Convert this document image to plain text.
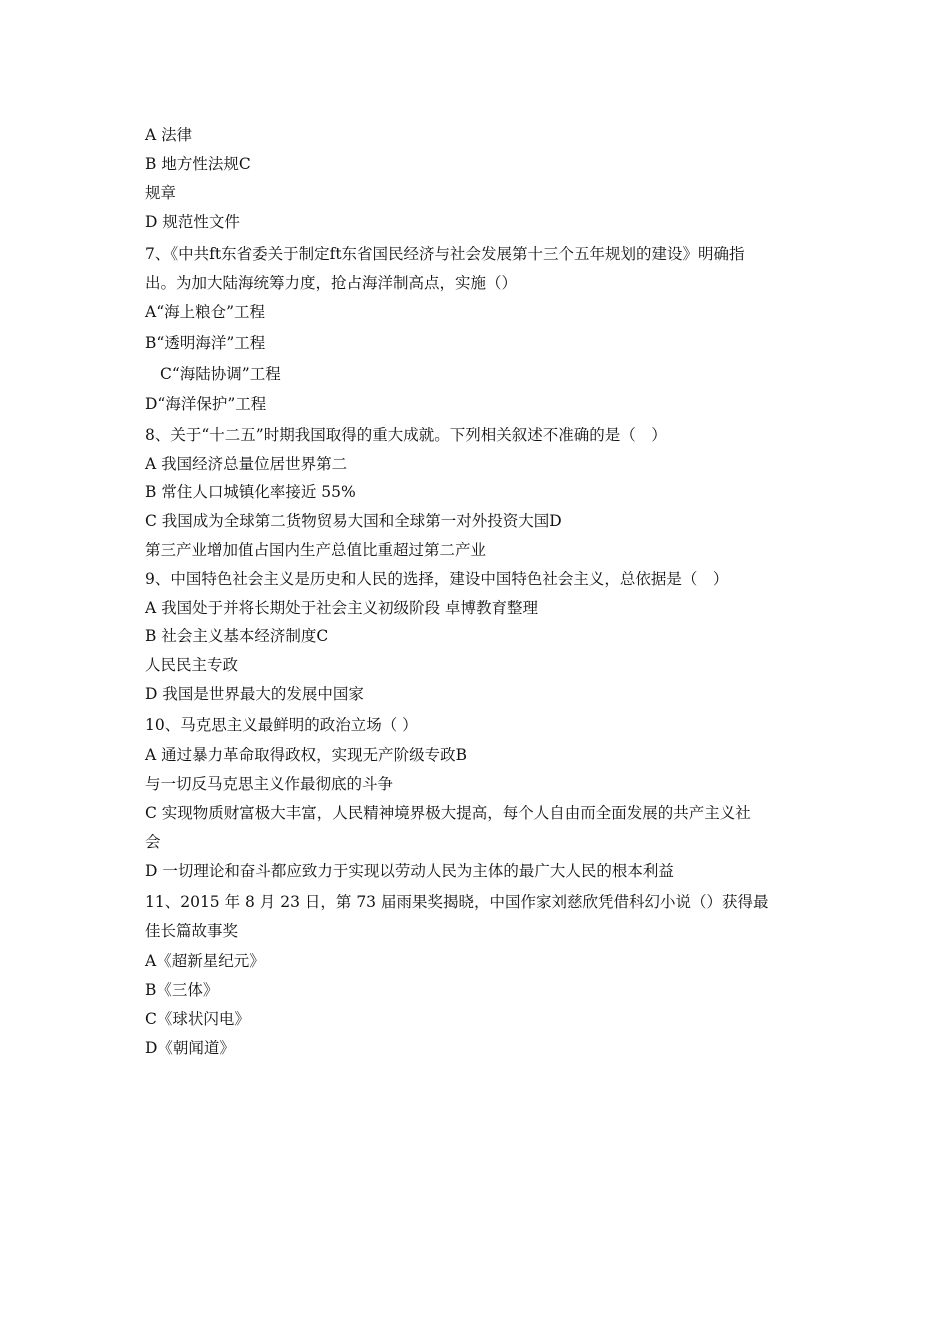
A 法律
B 地方性法规C
规章
D 规范性文件
7、《中共ft东省委关于制定ft东省国民经济与社会发展第十三个五年规划的建设》明确指
出。为加大陆海统筹力度，抢占海洋制高点，实施（）
A“海上粮仓”工程
B“透明海洋”工程
C“海陆协调”工程
D“海洋保护”工程
8、关于“十二五”时期我国取得的重大成就。下列相关叙述不准确的是（　）
A 我国经济总量位居世界第二
B 常住人口城镇化率接近 55%
C 我国成为全球第二货物贸易大国和全球第一对外投资大国D
第三产业增加值占国内生产总值比重超过第二产业
9、中国特色社会主义是历史和人民的选择，建设中国特色社会主义，总依据是（　）
A 我国处于并将长期处于社会主义初级阶段 卓博教育整理
B 社会主义基本经济制度C
人民民主专政
D 我国是世界最大的发展中国家
10、马克思主义最鲜明的政治立场（ ）
A 通过暴力革命取得政权，实现无产阶级专政B
与一切反马克思主义作最彻底的斗争
C 实现物质财富极大丰富，人民精神境界极大提高，每个人自由而全面发展的共产主义社
会
D 一切理论和奋斗都应致力于实现以劳动人民为主体的最广大人民的根本利益
11、2015 年 8 月 23 日，第 73 届雨果奖揭晓，中国作家刘慈欣凭借科幻小说（）获得最
佳长篇故事奖
A《超新星纪元》
B《三体》
C《球状闪电》
D《朝闻道》
